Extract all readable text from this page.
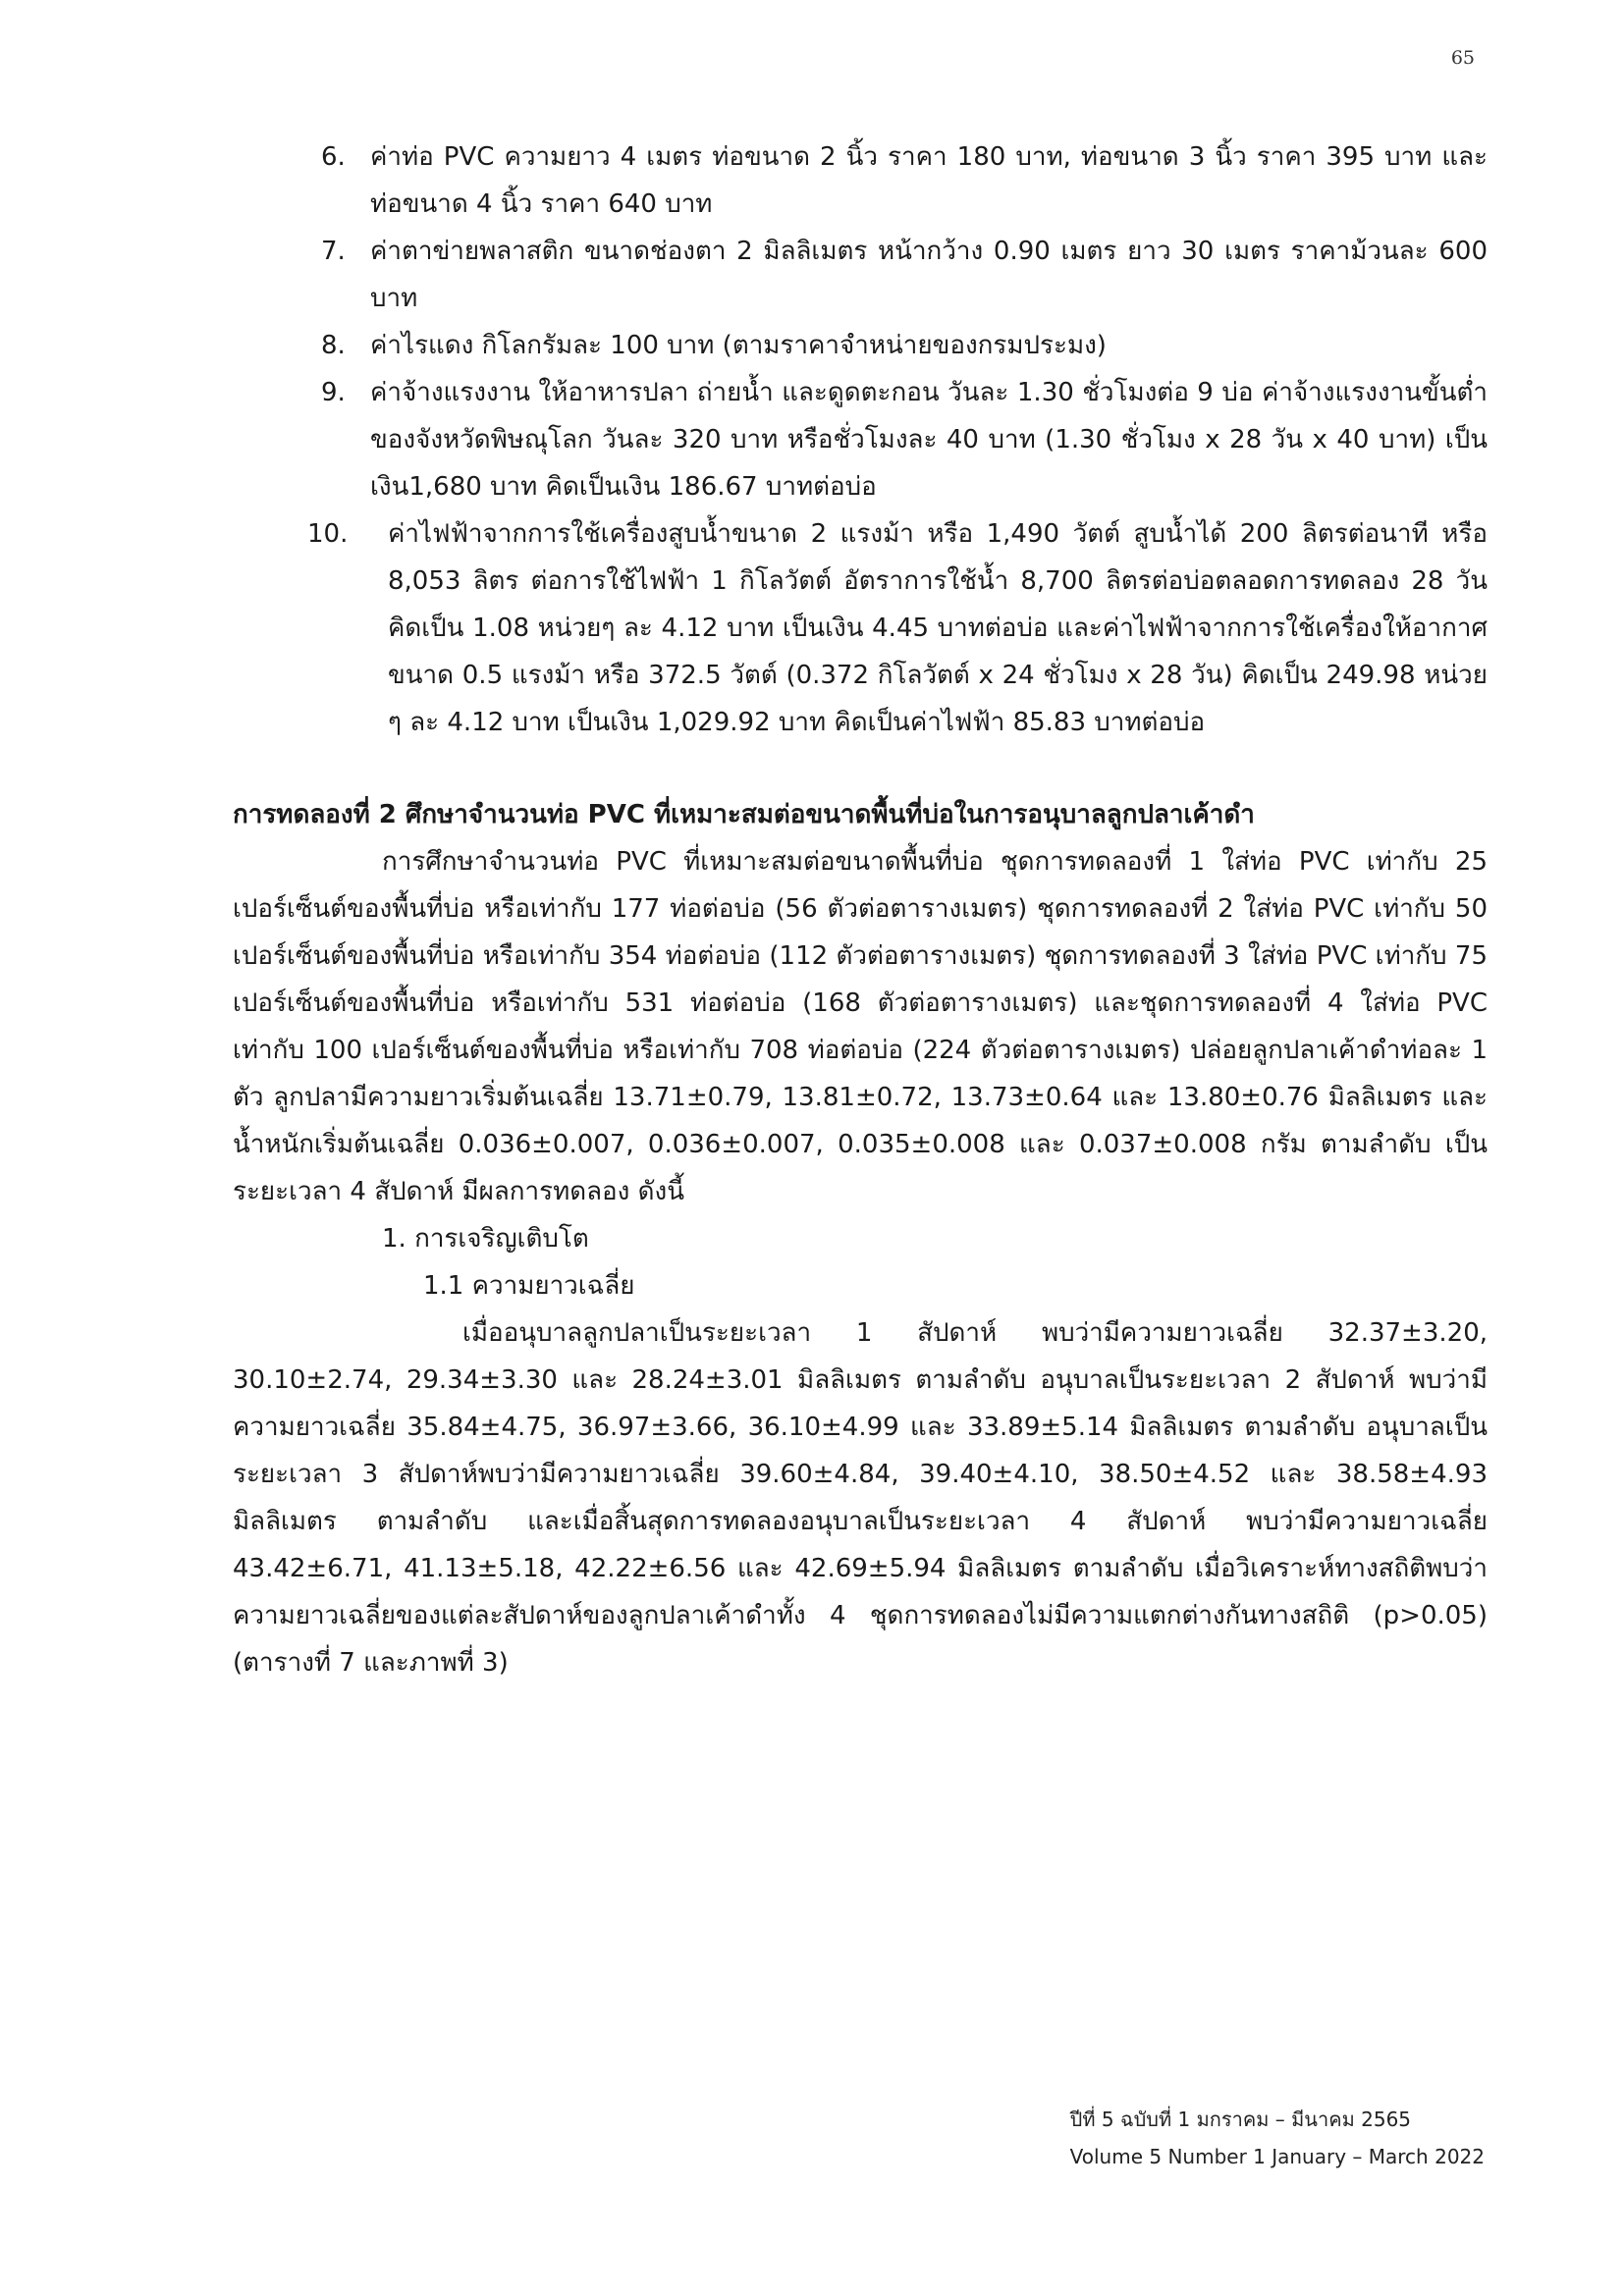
65
6. ค่าท่อ PVC ความยาว 4 เมตร ท่อขนาด 2 นิ้ว ราคา 180 บาท, ท่อขนาด 3 นิ้ว ราคา 395 บาท และท่อขนาด 4 นิ้ว ราคา 640 บาท
7. ค่าตาข่ายพลาสติก ขนาดช่องตา 2 มิลลิเมตร หน้ากว้าง 0.90 เมตร ยาว 30 เมตร ราคาม้วนละ 600 บาท
8. ค่าไรแดง กิโลกรัมละ 100 บาท (ตามราคาจำหน่ายของกรมประมง)
9. ค่าจ้างแรงงาน ให้อาหารปลา ถ่ายน้ำ และดูดตะกอน วันละ 1.30 ชั่วโมงต่อ 9 บ่อ ค่าจ้างแรงงานขั้นต่ำของจังหวัดพิษณุโลก วันละ 320 บาท หรือชั่วโมงละ 40 บาท (1.30 ชั่วโมง x 28 วัน x 40 บาท) เป็นเงิน1,680 บาท คิดเป็นเงิน 186.67 บาทต่อบ่อ
10. ค่าไฟฟ้าจากการใช้เครื่องสูบน้ำขนาด 2 แรงม้า หรือ 1,490 วัตต์ สูบน้ำได้ 200 ลิตรต่อนาที หรือ 8,053 ลิตร ต่อการใช้ไฟฟ้า 1 กิโลวัตต์ อัตราการใช้น้ำ 8,700 ลิตรต่อบ่อตลอดการทดลอง 28 วัน คิดเป็น 1.08 หน่วยๆ ละ 4.12 บาท เป็นเงิน 4.45 บาทต่อบ่อ และค่าไฟฟ้าจากการใช้เครื่องให้อากาศขนาด 0.5 แรงม้า หรือ 372.5 วัตต์ (0.372 กิโลวัตต์ x 24 ชั่วโมง x 28 วัน) คิดเป็น 249.98 หน่วย ๆ ละ 4.12 บาท เป็นเงิน 1,029.92 บาท คิดเป็นค่าไฟฟ้า 85.83 บาทต่อบ่อ
การทดลองที่ 2 ศึกษาจำนวนท่อ PVC ที่เหมาะสมต่อขนาดพื้นที่บ่อในการอนุบาลลูกปลาเค้าดำ

การศึกษาจำนวนท่อ PVC ที่เหมาะสมต่อขนาดพื้นที่บ่อ ชุดการทดลองที่ 1 ใส่ท่อ PVC เท่ากับ 25 เปอร์เซ็นต์ของพื้นที่บ่อ หรือเท่ากับ 177 ท่อต่อบ่อ (56 ตัวต่อตารางเมตร) ชุดการทดลองที่ 2 ใส่ท่อ PVC เท่ากับ 50 เปอร์เซ็นต์ของพื้นที่บ่อ หรือเท่ากับ 354 ท่อต่อบ่อ (112 ตัวต่อตารางเมตร) ชุดการทดลองที่ 3 ใส่ท่อ PVC เท่ากับ 75 เปอร์เซ็นต์ของพื้นที่บ่อ หรือเท่ากับ 531 ท่อต่อบ่อ (168 ตัวต่อตารางเมตร) และชุดการทดลองที่ 4 ใส่ท่อ PVC เท่ากับ 100 เปอร์เซ็นต์ของพื้นที่บ่อ หรือเท่ากับ 708 ท่อต่อบ่อ (224 ตัวต่อตารางเมตร) ปล่อยลูกปลาเค้าดำท่อละ 1 ตัว ลูกปลามีความยาวเริ่มต้นเฉลี่ย 13.71±0.79, 13.81±0.72, 13.73±0.64 และ 13.80±0.76 มิลลิเมตร และน้ำหนักเริ่มต้นเฉลี่ย 0.036±0.007, 0.036±0.007, 0.035±0.008 และ 0.037±0.008 กรัม ตามลำดับ เป็นระยะเวลา 4 สัปดาห์ มีผลการทดลอง ดังนี้

1. การเจริญเติบโต
1.1 ความยาวเฉลี่ย

เมื่ออนุบาลลูกปลาเป็นระยะเวลา 1 สัปดาห์ พบว่ามีความยาวเฉลี่ย 32.37±3.20, 30.10±2.74, 29.34±3.30 และ 28.24±3.01 มิลลิเมตร ตามลำดับ อนุบาลเป็นระยะเวลา 2 สัปดาห์ พบว่ามีความยาวเฉลี่ย 35.84±4.75, 36.97±3.66, 36.10±4.99 และ 33.89±5.14 มิลลิเมตร ตามลำดับ อนุบาลเป็นระยะเวลา 3 สัปดาห์พบว่ามีความยาวเฉลี่ย 39.60±4.84, 39.40±4.10, 38.50±4.52 และ 38.58±4.93 มิลลิเมตร ตามลำดับ และเมื่อสิ้นสุดการทดลองอนุบาลเป็นระยะเวลา 4 สัปดาห์ พบว่ามีความยาวเฉลี่ย 43.42±6.71, 41.13±5.18, 42.22±6.56 และ 42.69±5.94 มิลลิเมตร ตามลำดับ เมื่อวิเคราะห์ทางสถิติพบว่า ความยาวเฉลี่ยของแต่ละสัปดาห์ของลูกปลาเค้าดำทั้ง 4 ชุดการทดลองไม่มีความแตกต่างกันทางสถิติ (p>0.05) (ตารางที่ 7 และภาพที่ 3)

ปีที่ 5 ฉบับที่ 1 มกราคม – มีนาคม 2565
Volume 5 Number 1 January – March 2022
